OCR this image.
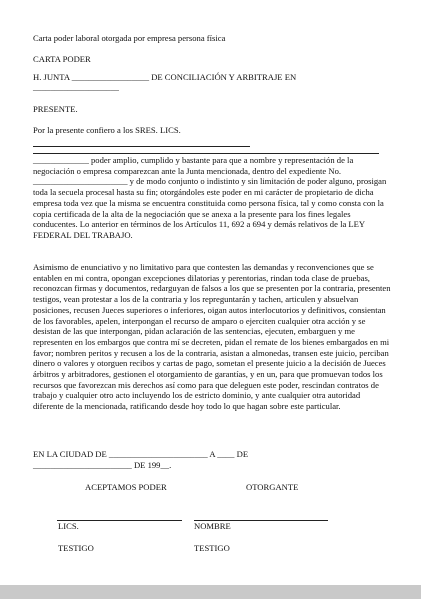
Carta poder laboral otorgada por empresa persona física
CARTA PODER
H. JUNTA __________________ DE CONCILIACIÓN Y ARBITRAJE EN
____________________
PRESENTE.
Por la presente confiero a los SRES. LICS.
_____________ poder amplio, cumplido y bastante para que a nombre y representación de la negociación o empresa comparezcan ante la Junta mencionada, dentro del expediente No. ______________________ y de modo conjunto o indistinto y sin limitación de poder alguno, prosigan toda la secuela procesal hasta su fin; otorgándoles este poder en mi carácter de propietario de dicha empresa toda vez que la misma se encuentra constituida como persona física, tal y como consta con la copia certificada de la alta de la negociación que se anexa a la presente para los fines legales conducentes. Lo anterior en términos de los Artículos 11, 692 a 694 y demás relativos de la LEY FEDERAL DEL TRABAJO.
Asimismo de enunciativo y no limitativo para que contesten las demandas y reconvenciones que se entablen en mi contra, opongan excepciones dilatorias y perentorias, rindan toda clase de pruebas, reconozcan firmas y documentos, redarguyan de falsos a los que se presenten por la contraria, presenten testigos, vean protestar a los de la contraria y los repreguntarán y tachen, articulen y absuelvan posiciones, recusen Jueces superiores o inferiores, oigan autos interlocutorios y definitivos, consientan de los favorables, apelen, interpongan el recurso de amparo o ejerciten cualquier otra acción y se desistan de las que interpongan, pidan aclaración de las sentencias, ejecuten, embarguen y me representen en los embargos que contra mí se decreten, pidan el remate de los bienes embargados en mi favor; nombren peritos y recusen a los de la contraria, asistan a almonedas, transen este juicio, perciban dinero o valores y otorguen recibos y cartas de pago, sometan el presente juicio a la decisión de Jueces árbitros y arbitradores, gestionen el otorgamiento de garantías, y en un, para que promuevan todos los recursos que favorezcan mis derechos así como para que deleguen este poder, rescindan contratos de trabajo y cualquier otro acto incluyendo los de estricto dominio, y ante cualquier otra autoridad diferente de la mencionada, ratificando desde hoy todo lo que hagan sobre este particular.
EN LA CIUDAD DE _______________________ A ____ DE
_______________________ DE 199__.
ACEPTAMOS PODER	OTORGANTE
LICS.	NOMBRE
TESTIGO	TESTIGO
